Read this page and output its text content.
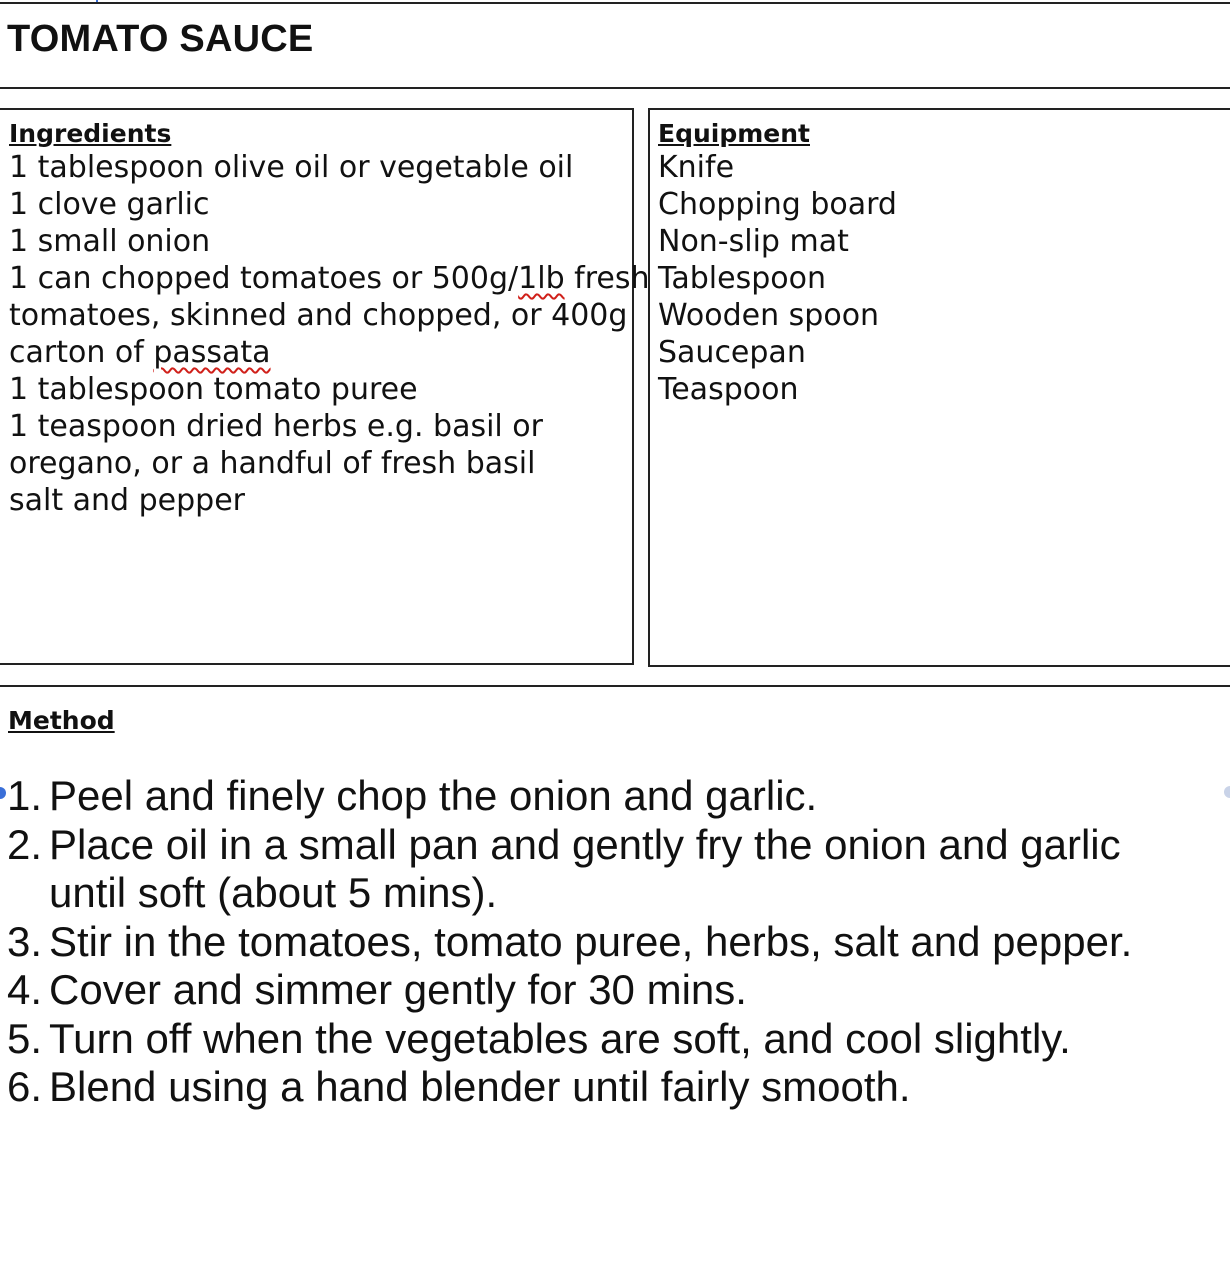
TOMATO SAUCE
Ingredients
1 tablespoon olive oil or vegetable oil
1 clove garlic
1 small onion
1 can chopped tomatoes or 500g/1lb fresh
tomatoes, skinned and chopped, or 400g
carton of passata
1 tablespoon tomato puree
1 teaspoon dried herbs e.g. basil or
oregano, or a handful of fresh basil
salt and pepper
Equipment
Knife
Chopping board
Non-slip mat
Tablespoon
Wooden spoon
Saucepan
Teaspoon
Method
1. Peel and finely chop the onion and garlic.
2. Place oil in a small pan and gently fry the onion and garlic until soft (about 5 mins).
3. Stir in the tomatoes, tomato puree, herbs, salt and pepper.
4. Cover and simmer gently for 30 mins.
5. Turn off when the vegetables are soft, and cool slightly.
6. Blend using a hand blender until fairly smooth.
